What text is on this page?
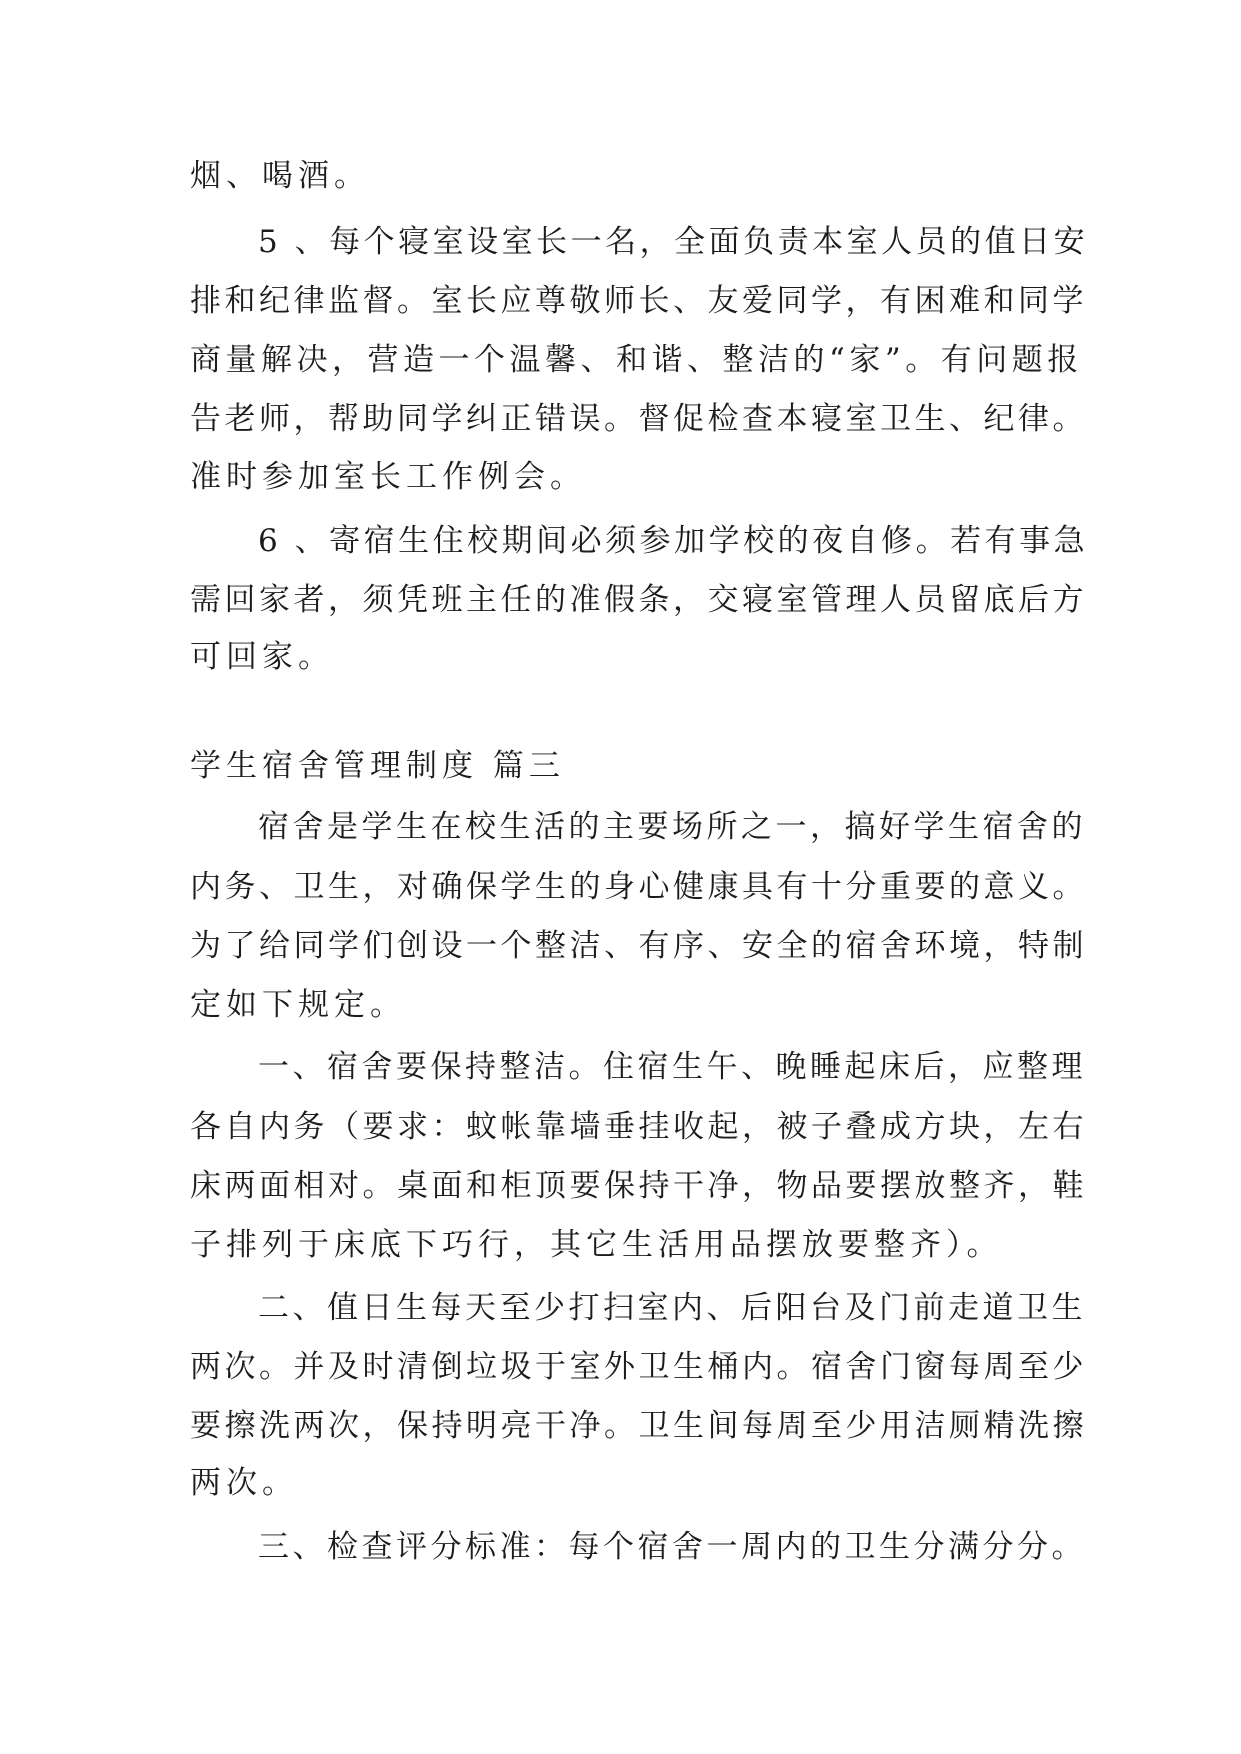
烟、喝酒。

5 、每个寝室设室长一名，全面负责本室人员的值日安

排和纪律监督。室长应尊敬师长、友爱同学，有困难和同学

商量解决，营造一个温馨、和谐、整洁的“家”。有问题报

告老师，帮助同学纠正错误。督促检查本寝室卫生、纪律。

准时参加室长工作例会。

6 、寄宿生住校期间必须参加学校的夜自修。若有事急

需回家者，须凭班主任的准假条，交寝室管理人员留底后方

可回家。

学生宿舍管理制度 篇三

宿舍是学生在校生活的主要场所之一，搞好学生宿舍的

内务、卫生，对确保学生的身心健康具有十分重要的意义。

为了给同学们创设一个整洁、有序、安全的宿舍环境，特制

定如下规定。

一、宿舍要保持整洁。住宿生午、晚睡起床后，应整理

各自内务（要求：蚊帐靠墙垂挂收起，被子叠成方块，左右

床两面相对。桌面和柜顶要保持干净，物品要摆放整齐，鞋

子排列于床底下巧行，其它生活用品摆放要整齐）。

二、值日生每天至少打扫室内、后阳台及门前走道卫生

两次。并及时清倒垃圾于室外卫生桶内。宿舍门窗每周至少

要擦洗两次，保持明亮干净。卫生间每周至少用洁厕精洗擦

两次。

三、检查评分标准：每个宿舍一周内的卫生分满分分。
